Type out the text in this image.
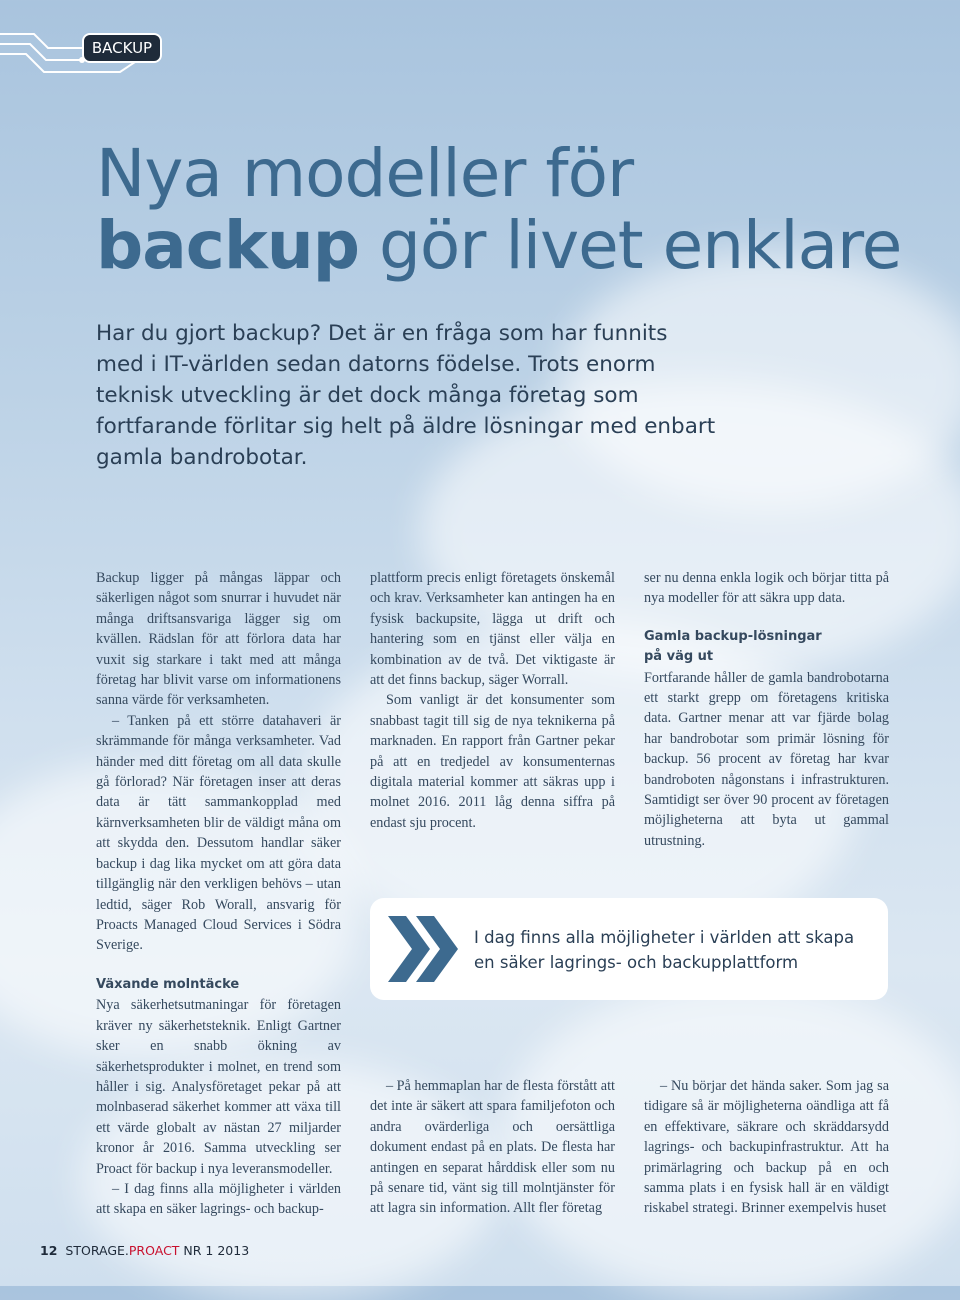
BACKUP
Nya modeller för
backup gör livet enklare

Har du gjort backup? Det är en fråga som har funnits med i IT-världen sedan datorns födelse. Trots enorm teknisk utveckling är det dock många företag som fortfarande förlitar sig helt på äldre lösningar med enbart gamla bandrobotar.

Backup ligger på mångas läppar och säkerligen något som snurrar i huvudet när många driftsansvariga lägger sig om kvällen. Rädslan för att förlora data har vuxit sig starkare i takt med att många företag har blivit varse om informationens sanna värde för verksamheten.

– Tanken på ett större datahaveri är skrämmande för många verksamheter. Vad händer med ditt företag om all data skulle gå förlorad? När företagen inser att deras data är tätt sammankopplad med kärnverksamheten blir de väldigt måna om att skydda den. Dessutom handlar säker backup i dag lika mycket om att göra data tillgänglig när den verkligen behövs – utan ledtid, säger Rob Worall, ansvarig för Proacts Managed Cloud Services i Södra Sverige.

Växande molntäcke

Nya säkerhetsutmaningar för företagen kräver ny säkerhetsteknik. Enligt Gartner sker en snabb ökning av säkerhetsprodukter i molnet, en trend som håller i sig. Analysföretaget pekar på att molnbaserad säkerhet kommer att växa till ett värde globalt av nästan 27 miljarder kronor år 2016. Samma utveckling ser Proact för backup i nya leveransmodeller.

– I dag finns alla möjligheter i världen att skapa en säker lagrings- och backup-

plattform precis enligt företagets önskemål och krav. Verksamheter kan antingen ha en fysisk backupsite, lägga ut drift och hantering som en tjänst eller välja en kombination av de två. Det viktigaste är att det finns backup, säger Worrall.

Som vanligt är det konsumenter som snabbast tagit till sig de nya teknikerna på marknaden. En rapport från Gartner pekar på att en tredjedel av konsumenternas digitala material kommer att säkras upp i molnet 2016. 2011 låg denna siffra på endast sju procent.

– På hemmaplan har de flesta förstått att det inte är säkert att spara familjefoton och andra ovärderliga och oersättliga dokument endast på en plats. De flesta har antingen en separat hårddisk eller som nu på senare tid, vänt sig till molntjänster för att lagra sin information. Allt fler företag

ser nu denna enkla logik och börjar titta på nya modeller för att säkra upp data.

Gamla backup-lösningar
på väg ut

Fortfarande håller de gamla bandrobotarna ett starkt grepp om företagens kritiska data. Gartner menar att var fjärde bolag har bandrobotar som primär lösning för backup. 56 procent av företag har kvar bandroboten någonstans i infrastrukturen. Samtidigt ser över 90 procent av företagen möjligheterna att byta ut gammal utrustning.

– Nu börjar det hända saker. Som jag sa tidigare så är möjligheterna oändliga att få en effektivare, säkrare och skräddarsydd lagrings- och backupinfrastruktur. Att ha primärlagring och backup på en och samma plats i en fysisk hall är en väldigt riskabel strategi. Brinner exempelvis huset

I dag finns alla möjligheter i världen att skapa en säker lagrings- och backupplattform

12 STORAGE.PROACT NR 1 2013
